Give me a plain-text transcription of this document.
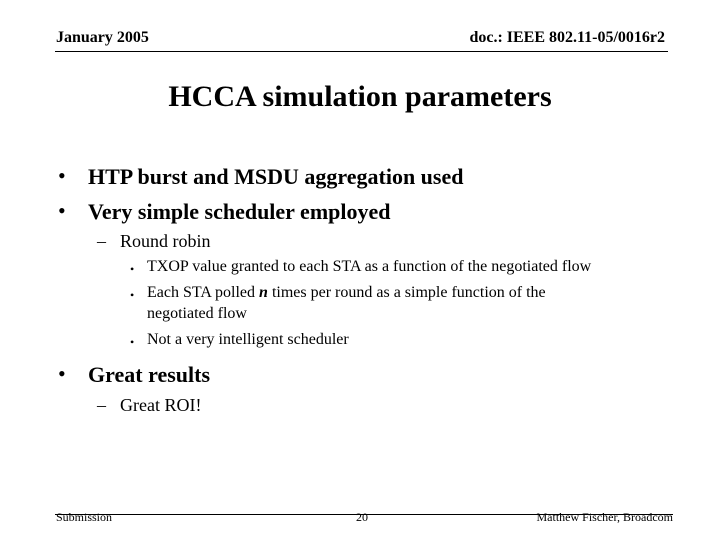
January 2005	doc.: IEEE 802.11-05/0016r2
HCCA simulation parameters
• HTP burst and MSDU aggregation used
• Very simple scheduler employed
– Round robin
• TXOP value granted to each STA as a function of the negotiated flow
• Each STA polled n times per round as a simple function of the
negotiated flow
• Not a very intelligent scheduler
• Great results
– Great ROI!
Submission	20	Matthew Fischer, Broadcom
